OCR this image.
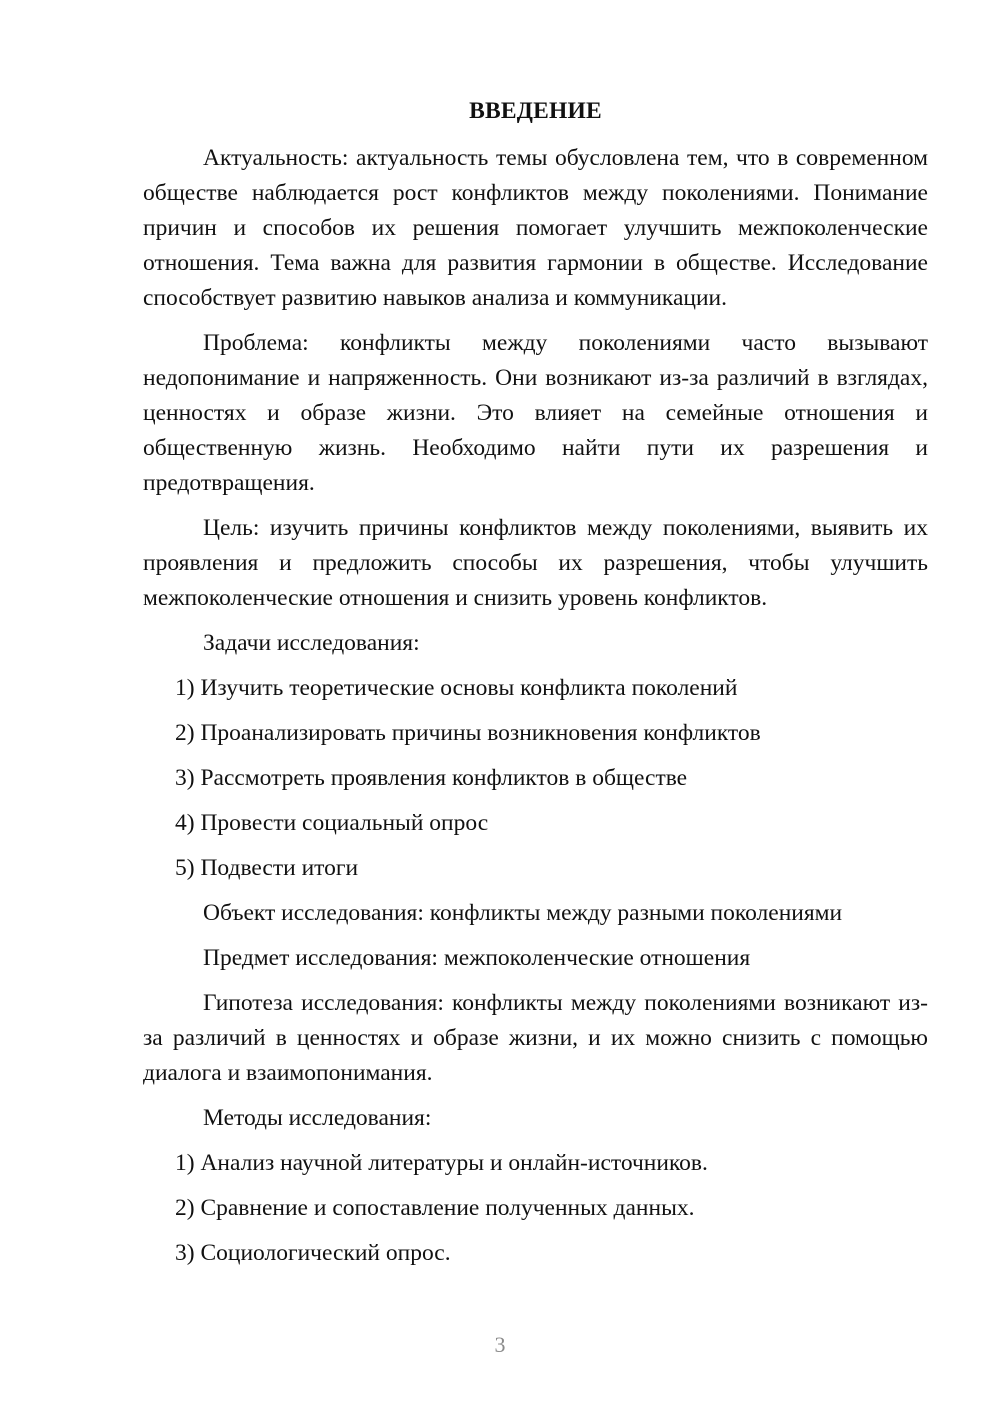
ВВЕДЕНИЕ

Актуальность: актуальность темы обусловлена тем, что в современном обществе наблюдается рост конфликтов между поколениями. Понимание причин и способов их решения помогает улучшить межпоколенческие отношения. Тема важна для развития гармонии в обществе. Исследование способствует развитию навыков анализа и коммуникации.

Проблема: конфликты между поколениями часто вызывают недопонимание и напряженность. Они возникают из-за различий в взглядах, ценностях и образе жизни. Это влияет на семейные отношения и общественную жизнь. Необходимо найти пути их разрешения и предотвращения.

Цель: изучить причины конфликтов между поколениями, выявить их проявления и предложить способы их разрешения, чтобы улучшить межпоколенческие отношения и снизить уровень конфликтов.

Задачи исследования:

1) Изучить теоретические основы конфликта поколений

2) Проанализировать причины возникновения конфликтов

3) Рассмотреть проявления конфликтов в обществе

4) Провести социальный опрос

5) Подвести итоги

Объект исследования: конфликты между разными поколениями

Предмет исследования: межпоколенческие отношения

Гипотеза исследования: конфликты между поколениями возникают из-за различий в ценностях и образе жизни, и их можно снизить с помощью диалога и взаимопонимания.

Методы исследования:

1) Анализ научной литературы и онлайн-источников.

2) Сравнение и сопоставление полученных данных.

3) Социологический опрос.

3
